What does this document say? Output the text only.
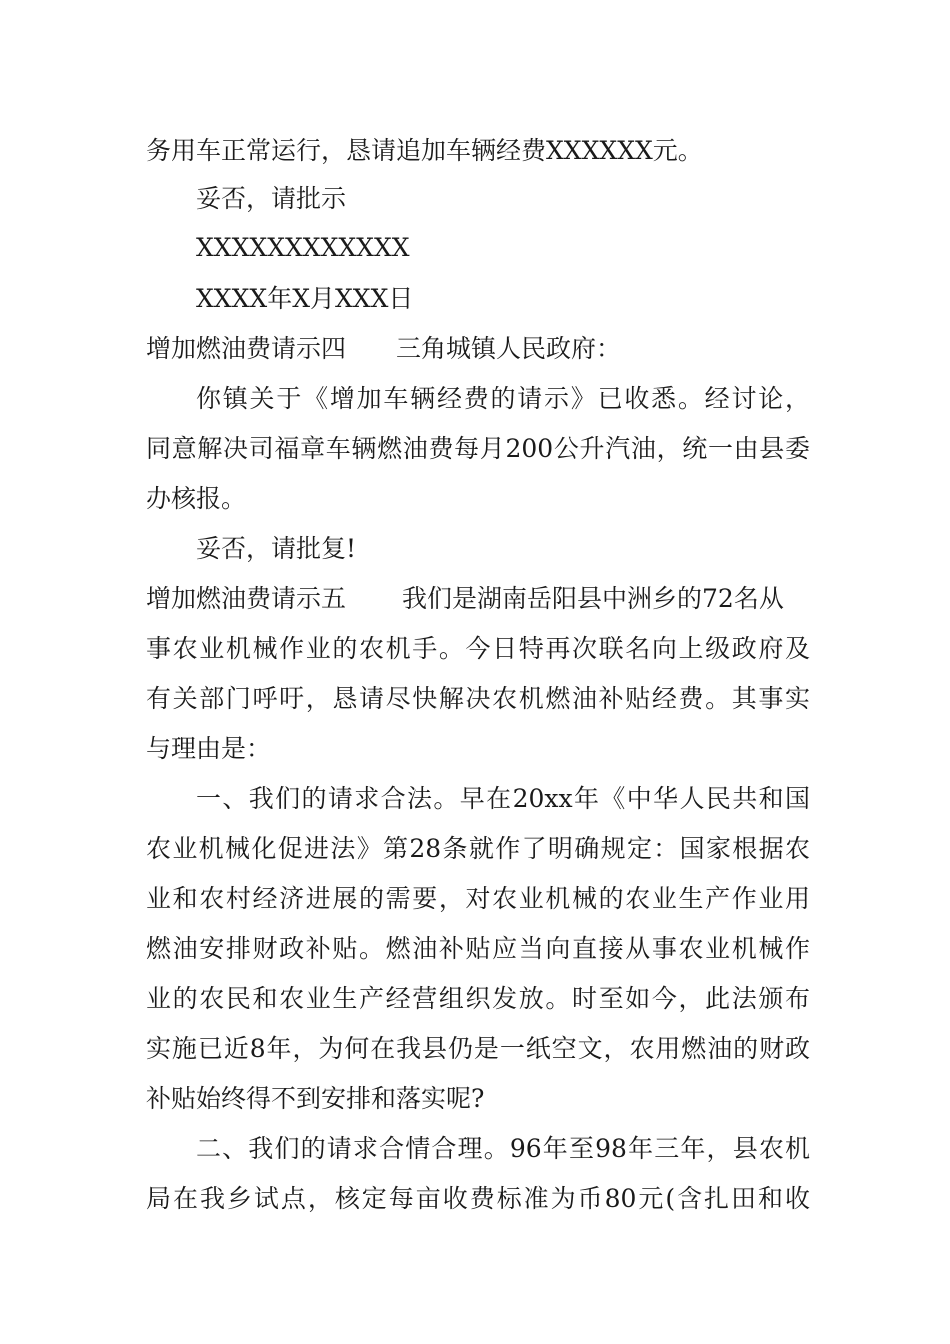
务用车正常运行，恳请追加车辆经费XXXXXX元。
妥否，请批示
XXXXXXXXXXXX
XXXX年X月XXX日
增加燃油费请示四 三角城镇人民政府：
你镇关于《增加车辆经费的请示》已收悉。经讨论，
同意解决司福章车辆燃油费每月200公升汽油，统一由县委
办核报。
妥否，请批复!
增加燃油费请示五 我们是湖南岳阳县中洲乡的72名从
事农业机械作业的农机手。今日特再次联名向上级政府及
有关部门呼吁，恳请尽快解决农机燃油补贴经费。其事实
与理由是：
一、我们的请求合法。早在20xx年《中华人民共和国
农业机械化促进法》第28条就作了明确规定：国家根据农
业和农村经济进展的需要，对农业机械的农业生产作业用
燃油安排财政补贴。燃油补贴应当向直接从事农业机械作
业的农民和农业生产经营组织发放。时至如今，此法颁布
实施已近8年，为何在我县仍是一纸空文，农用燃油的财政
补贴始终得不到安排和落实呢?
二、我们的请求合情合理。96年至98年三年，县农机
局在我乡试点，核定每亩收费标准为币80元(含扎田和收
